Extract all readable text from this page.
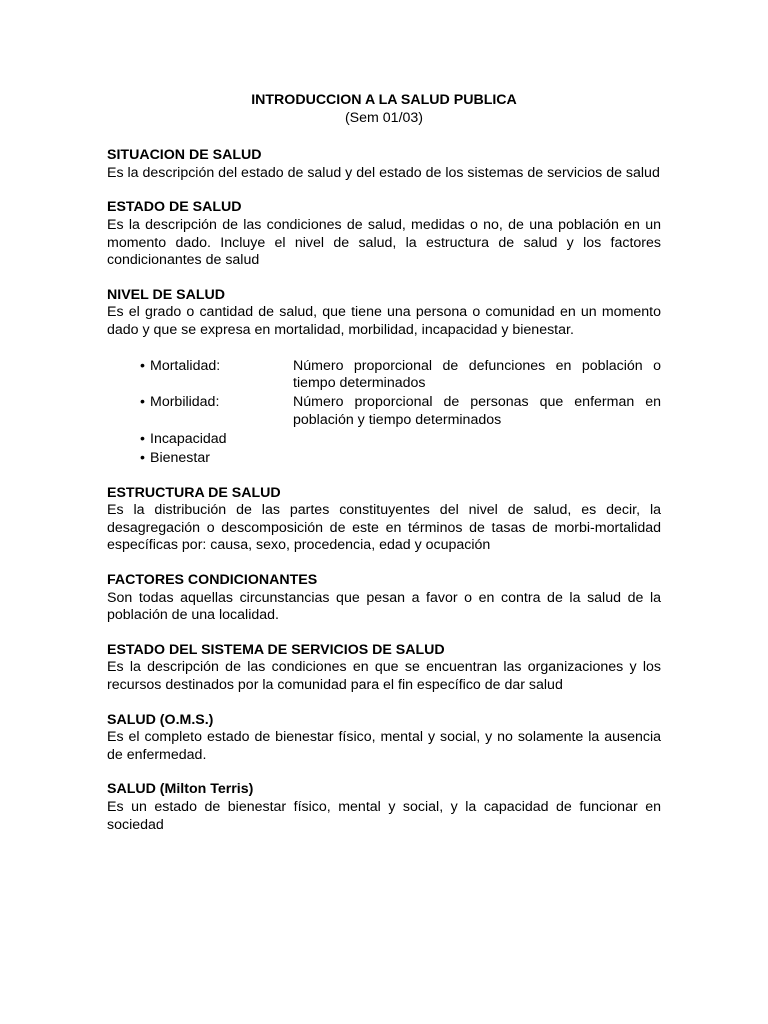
INTRODUCCION A LA SALUD PUBLICA
(Sem 01/03)
SITUACION DE SALUD
Es la descripción del estado de salud y del estado de los sistemas de servicios de salud
ESTADO DE SALUD
Es la descripción de las condiciones de salud, medidas o no, de una población en un momento dado. Incluye el nivel de salud, la estructura de salud y los factores condicionantes de salud
NIVEL DE SALUD
Es el grado o cantidad de salud, que tiene una persona o comunidad en un momento dado y que se expresa en mortalidad, morbilidad, incapacidad y bienestar.
• Mortalidad:	Número proporcional de defunciones en población o tiempo determinados
• Morbilidad:	Número proporcional de personas que enferman en población y tiempo determinados
• Incapacidad
• Bienestar
ESTRUCTURA DE SALUD
Es la distribución de las partes constituyentes del nivel de salud, es decir, la desagregación o descomposición de este en términos de tasas de morbi-mortalidad específicas por: causa, sexo, procedencia, edad y ocupación
FACTORES CONDICIONANTES
Son todas aquellas circunstancias que pesan a favor o en contra de la salud de la población de una localidad.
ESTADO DEL SISTEMA DE SERVICIOS DE SALUD
Es la descripción de las condiciones en que se encuentran las organizaciones y los recursos destinados por la comunidad para el fin específico de dar salud
SALUD (O.M.S.)
Es el completo estado de bienestar físico, mental y social, y no solamente la ausencia de enfermedad.
SALUD (Milton Terris)
Es un estado de bienestar físico, mental y social, y la capacidad de funcionar en sociedad
